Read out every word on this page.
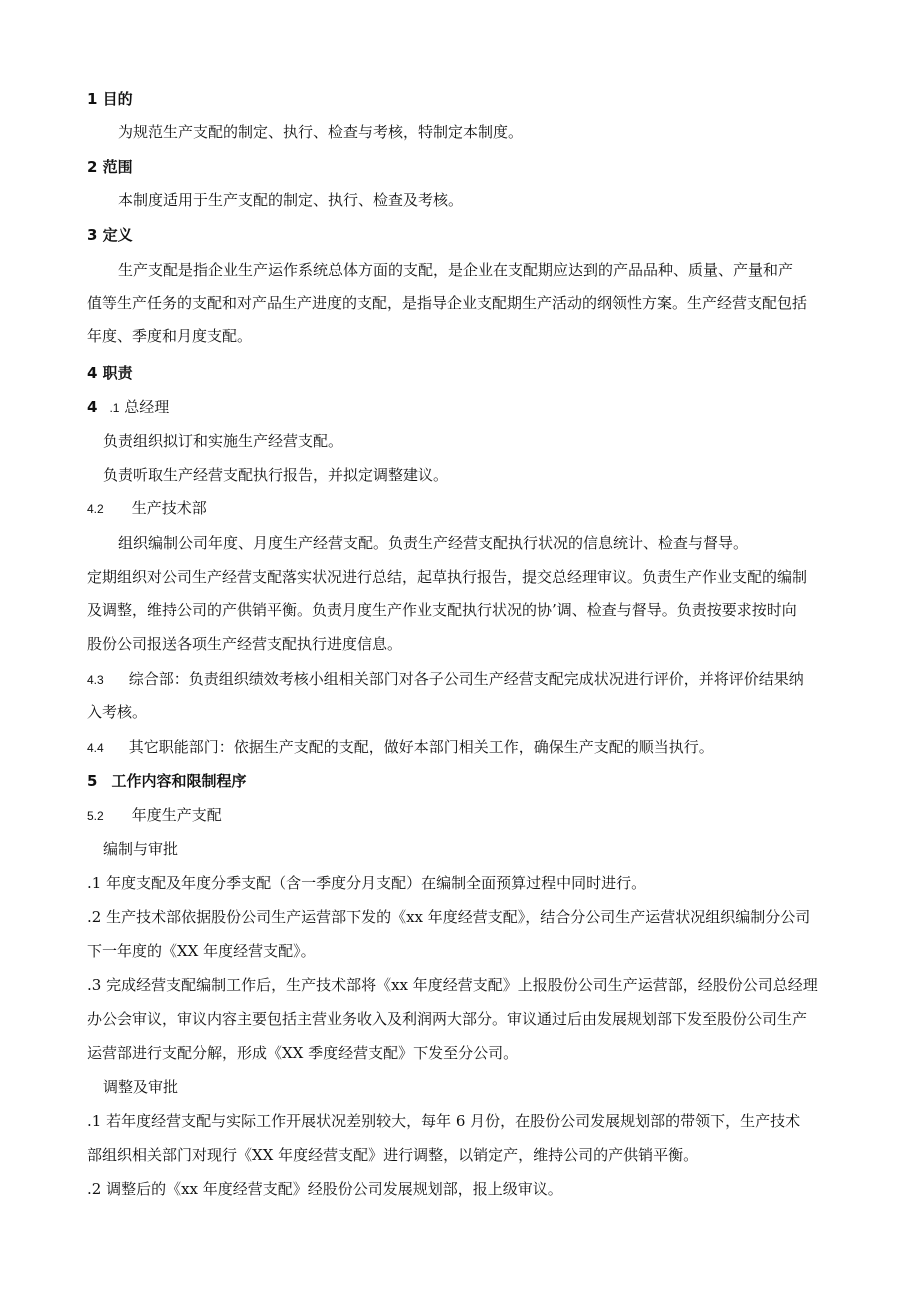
1 目的
为规范生产支配的制定、执行、检查与考核，特制定本制度。
2 范围
本制度适用于生产支配的制定、执行、检查及考核。
3 定义
生产支配是指企业生产运作系统总体方面的支配，是企业在支配期应达到的产品品种、质量、产量和产
值等生产任务的支配和对产品生产进度的支配，是指导企业支配期生产活动的纲领性方案。生产经营支配包括
年度、季度和月度支配。
4 职责
4 .1 总经理
负责组织拟订和实施生产经营支配。
负责听取生产经营支配执行报告，并拟定调整建议。
4.2 生产技术部
组织编制公司年度、月度生产经营支配。负责生产经营支配执行状况的信息统计、检查与督导。
定期组织对公司生产经营支配落实状况进行总结，起草执行报告，提交总经理审议。负责生产作业支配的编制
及调整，维持公司的产供销平衡。负责月度生产作业支配执行状况的协’调、检查与督导。负责按要求按时向
股份公司报送各项生产经营支配执行进度信息。
4.3 综合部：负责组织绩效考核小组相关部门对各子公司生产经营支配完成状况进行评价，并将评价结果纳
入考核。
4.4 其它职能部门：依据生产支配的支配，做好本部门相关工作，确保生产支配的顺当执行。
5 工作内容和限制程序
5.2 年度生产支配
编制与审批
.1 年度支配及年度分季支配（含一季度分月支配）在编制全面预算过程中同时进行。
.2 生产技术部依据股份公司生产运营部下发的《xx 年度经营支配》，结合分公司生产运营状况组织编制分公司
下一年度的《XX 年度经营支配》。
.3 完成经营支配编制工作后，生产技术部将《xx 年度经营支配》上报股份公司生产运营部，经股份公司总经理
办公会审议，审议内容主要包括主营业务收入及利润两大部分。审议通过后由发展规划部下发至股份公司生产
运营部进行支配分解，形成《XX 季度经营支配》下发至分公司。
调整及审批
.1 若年度经营支配与实际工作开展状况差别较大，每年 6 月份，在股份公司发展规划部的带领下，生产技术
部组织相关部门对现行《XX 年度经营支配》进行调整，以销定产，维持公司的产供销平衡。
.2 调整后的《xx 年度经营支配》经股份公司发展规划部，报上级审议。
